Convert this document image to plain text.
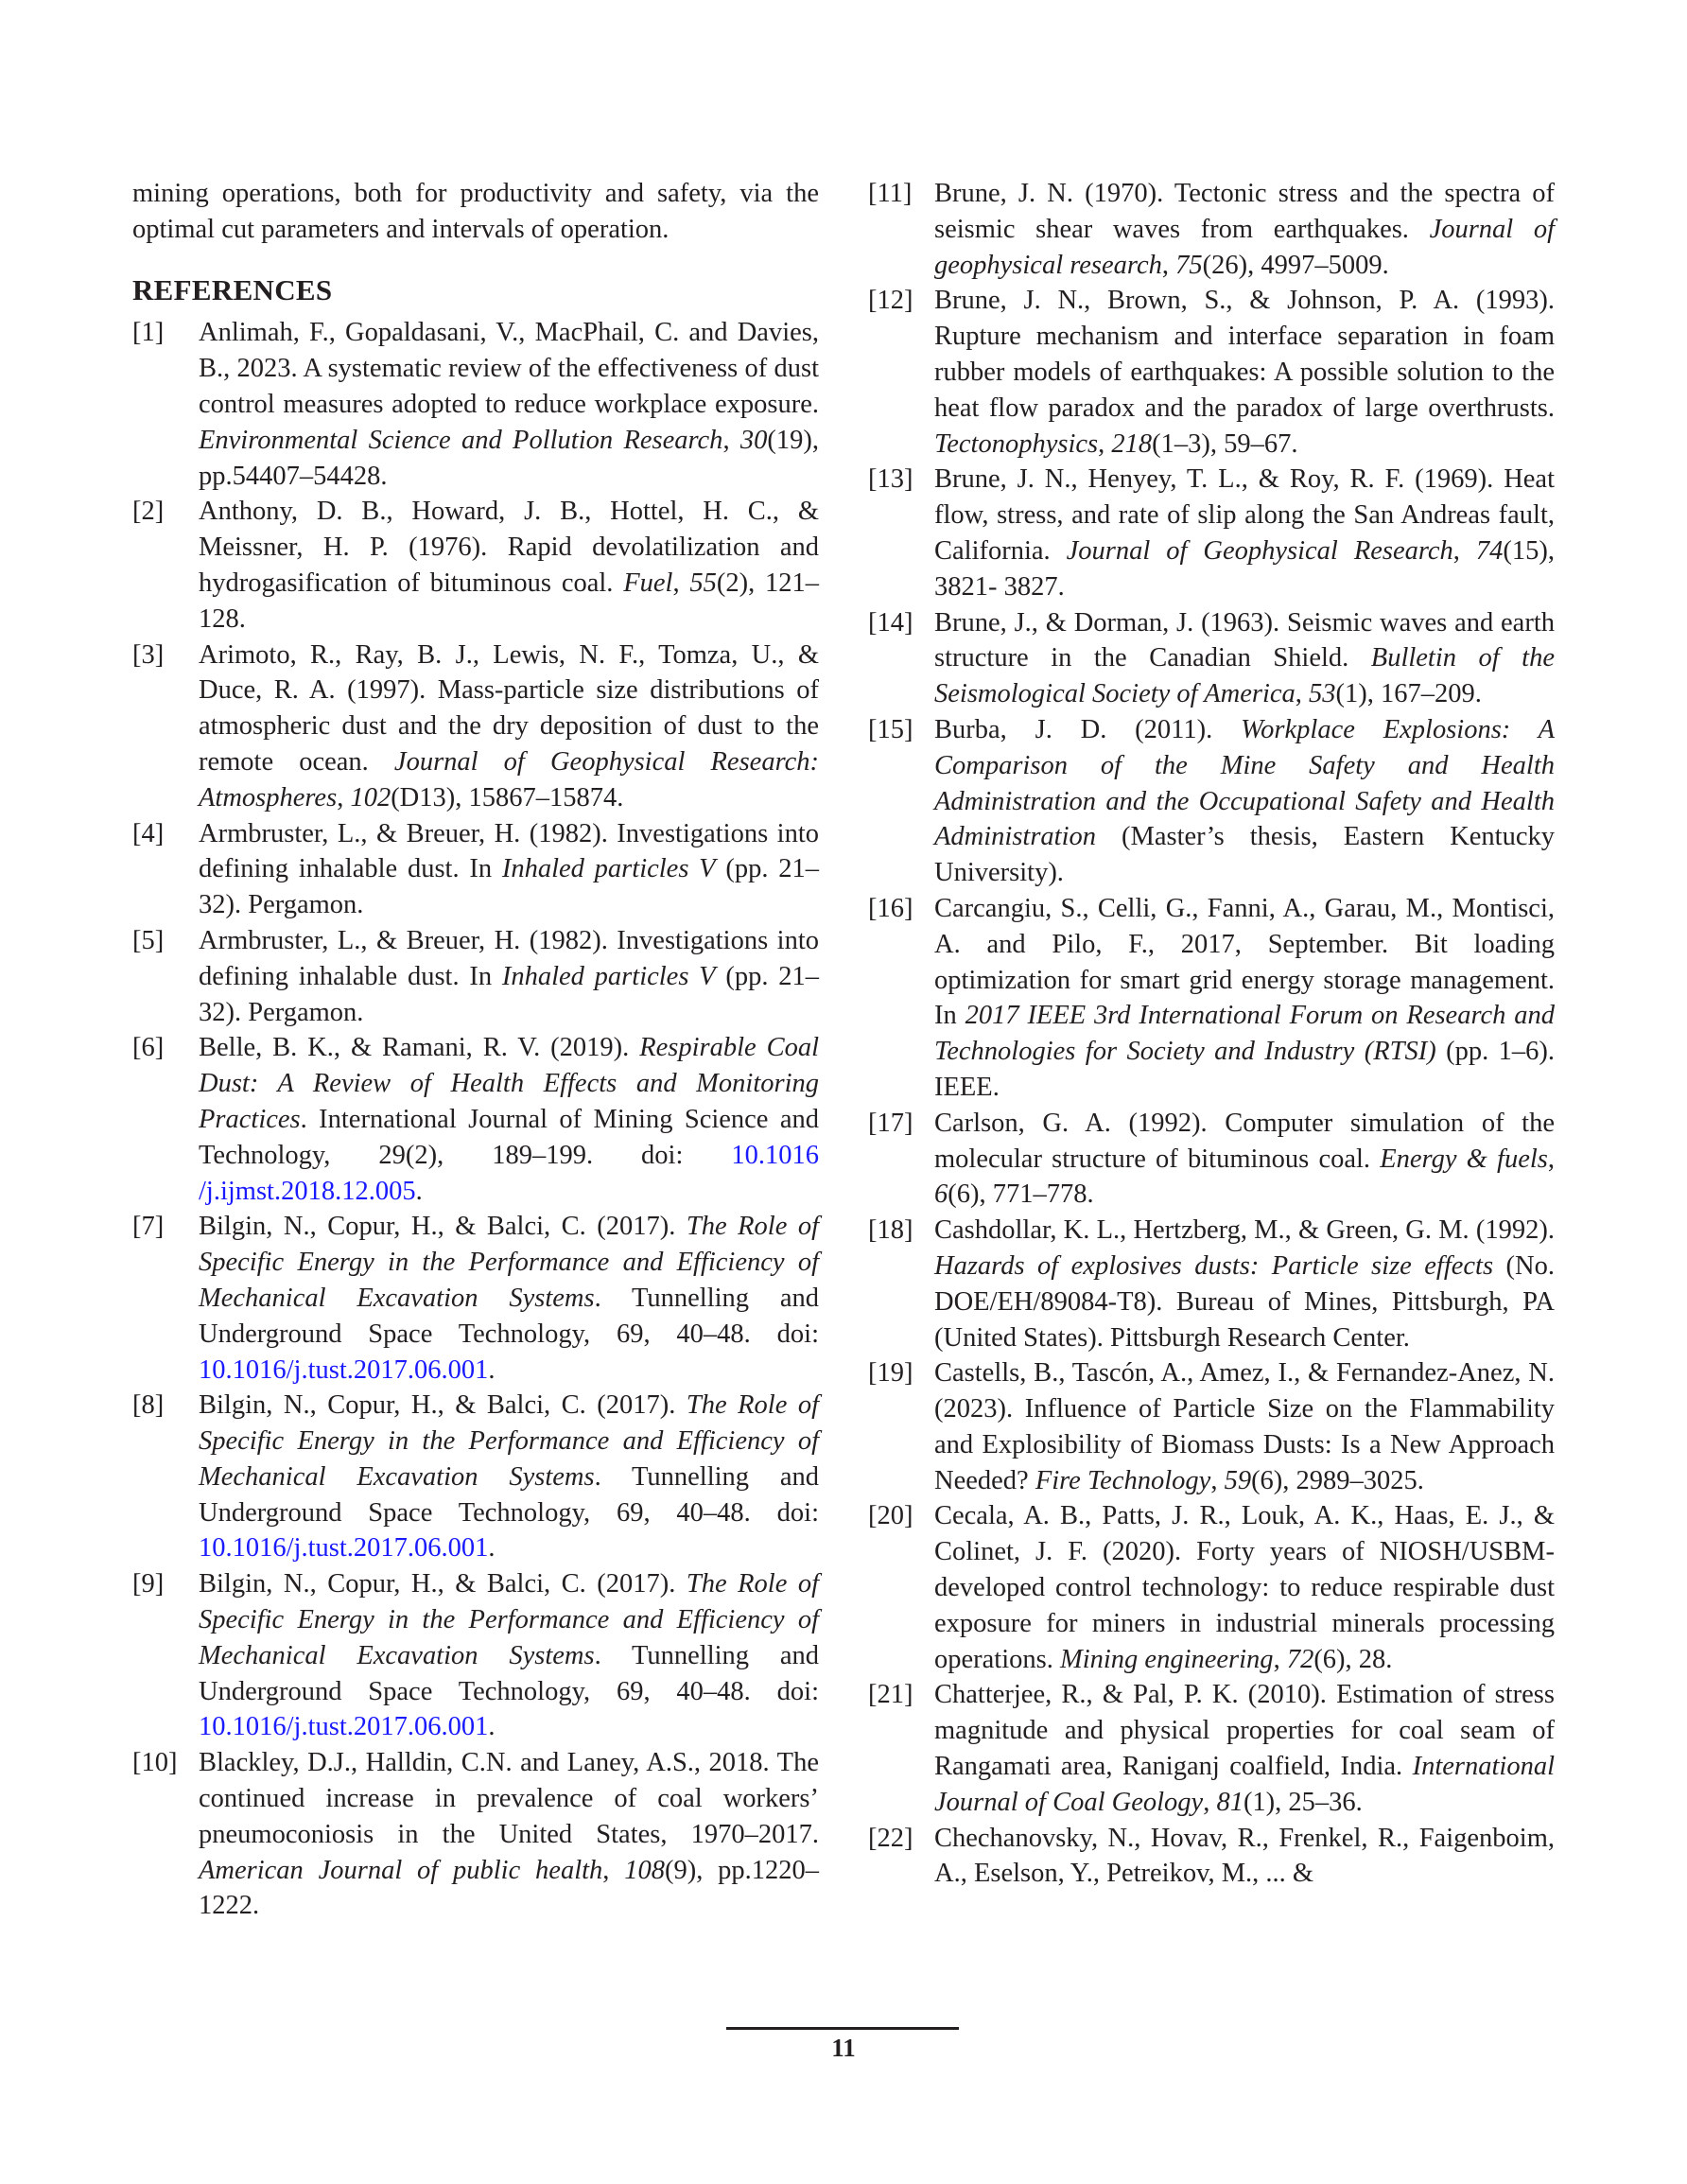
mining operations, both for productivity and safety, via the optimal cut parameters and intervals of operation.

REFERENCES
[1] Anlimah, F., Gopaldasani, V., MacPhail, C. and Davies, B., 2023. A systematic review of the effectiveness of dust control measures adopted to reduce workplace exposure. Environmental Science and Pollution Research, 30(19), pp.54407–54428.
[2] Anthony, D. B., Howard, J. B., Hottel, H. C., & Meissner, H. P. (1976). Rapid devolatilization and hydrogasification of bituminous coal. Fuel, 55(2), 121–128.
[3] Arimoto, R., Ray, B. J., Lewis, N. F., Tomza, U., & Duce, R. A. (1997). Mass-particle size distributions of atmospheric dust and the dry deposition of dust to the remote ocean. Journal of Geophysical Research: Atmospheres, 102(D13), 15867–15874.
[4] Armbruster, L., & Breuer, H. (1982). Investigations into defining inhalable dust. In Inhaled particles V (pp. 21–32). Pergamon.
[5] Armbruster, L., & Breuer, H. (1982). Investigations into defining inhalable dust. In Inhaled particles V (pp. 21–32). Pergamon.
[6] Belle, B. K., & Ramani, R. V. (2019). Respirable Coal Dust: A Review of Health Effects and Monitoring Practices. International Journal of Mining Science and Technology, 29(2), 189–199. doi: 10.1016 /j.ijmst.2018.12.005.
[7] Bilgin, N., Copur, H., & Balci, C. (2017). The Role of Specific Energy in the Performance and Efficiency of Mechanical Excavation Systems. Tunnelling and Underground Space Technology, 69, 40–48. doi: 10.1016/j.tust.2017.06.001.
[8] Bilgin, N., Copur, H., & Balci, C. (2017). The Role of Specific Energy in the Performance and Efficiency of Mechanical Excavation Systems. Tunnelling and Underground Space Technology, 69, 40–48. doi: 10.1016/j.tust.2017.06.001.
[9] Bilgin, N., Copur, H., & Balci, C. (2017). The Role of Specific Energy in the Performance and Efficiency of Mechanical Excavation Systems. Tunnelling and Underground Space Technology, 69, 40–48. doi: 10.1016/j.tust.2017.06.001.
[10] Blackley, D.J., Halldin, C.N. and Laney, A.S., 2018. The continued increase in prevalence of coal workers’ pneumoconiosis in the United States, 1970–2017. American Journal of public health, 108(9), pp.1220–1222.
[11] Brune, J. N. (1970). Tectonic stress and the spectra of seismic shear waves from earthquakes. Journal of geophysical research, 75(26), 4997–5009.
[12] Brune, J. N., Brown, S., & Johnson, P. A. (1993). Rupture mechanism and interface separation in foam rubber models of earthquakes: A possible solution to the heat flow paradox and the paradox of large overthrusts. Tectonophysics, 218(1–3), 59–67.
[13] Brune, J. N., Henyey, T. L., & Roy, R. F. (1969). Heat flow, stress, and rate of slip along the San Andreas fault, California. Journal of Geophysical Research, 74(15), 3821- 3827.
[14] Brune, J., & Dorman, J. (1963). Seismic waves and earth structure in the Canadian Shield. Bulletin of the Seismological Society of America, 53(1), 167–209.
[15] Burba, J. D. (2011). Workplace Explosions: A Comparison of the Mine Safety and Health Administration and the Occupational Safety and Health Administration (Master’s thesis, Eastern Kentucky University).
[16] Carcangiu, S., Celli, G., Fanni, A., Garau, M., Montisci, A. and Pilo, F., 2017, September. Bit loading optimization for smart grid energy storage management. In 2017 IEEE 3rd International Forum on Research and Technologies for Society and Industry (RTSI) (pp. 1–6). IEEE.
[17] Carlson, G. A. (1992). Computer simulation of the molecular structure of bituminous coal. Energy & fuels, 6(6), 771–778.
[18] Cashdollar, K. L., Hertzberg, M., & Green, G. M. (1992). Hazards of explosives dusts: Particle size effects (No. DOE/EH/89084-T8). Bureau of Mines, Pittsburgh, PA (United States). Pittsburgh Research Center.
[19] Castells, B., Tascón, A., Amez, I., & Fernandez-Anez, N. (2023). Influence of Particle Size on the Flammability and Explosibility of Biomass Dusts: Is a New Approach Needed? Fire Technology, 59(6), 2989–3025.
[20] Cecala, A. B., Patts, J. R., Louk, A. K., Haas, E. J., & Colinet, J. F. (2020). Forty years of NIOSH/USBM-developed control technology: to reduce respirable dust exposure for miners in industrial minerals processing operations. Mining engineering, 72(6), 28.
[21] Chatterjee, R., & Pal, P. K. (2010). Estimation of stress magnitude and physical properties for coal seam of Rangamati area, Raniganj coalfield, India. International Journal of Coal Geology, 81(1), 25–36.
[22] Chechanovsky, N., Hovav, R., Frenkel, R., Faigenboim, A., Eselson, Y., Petreikov, M., ... &
11
